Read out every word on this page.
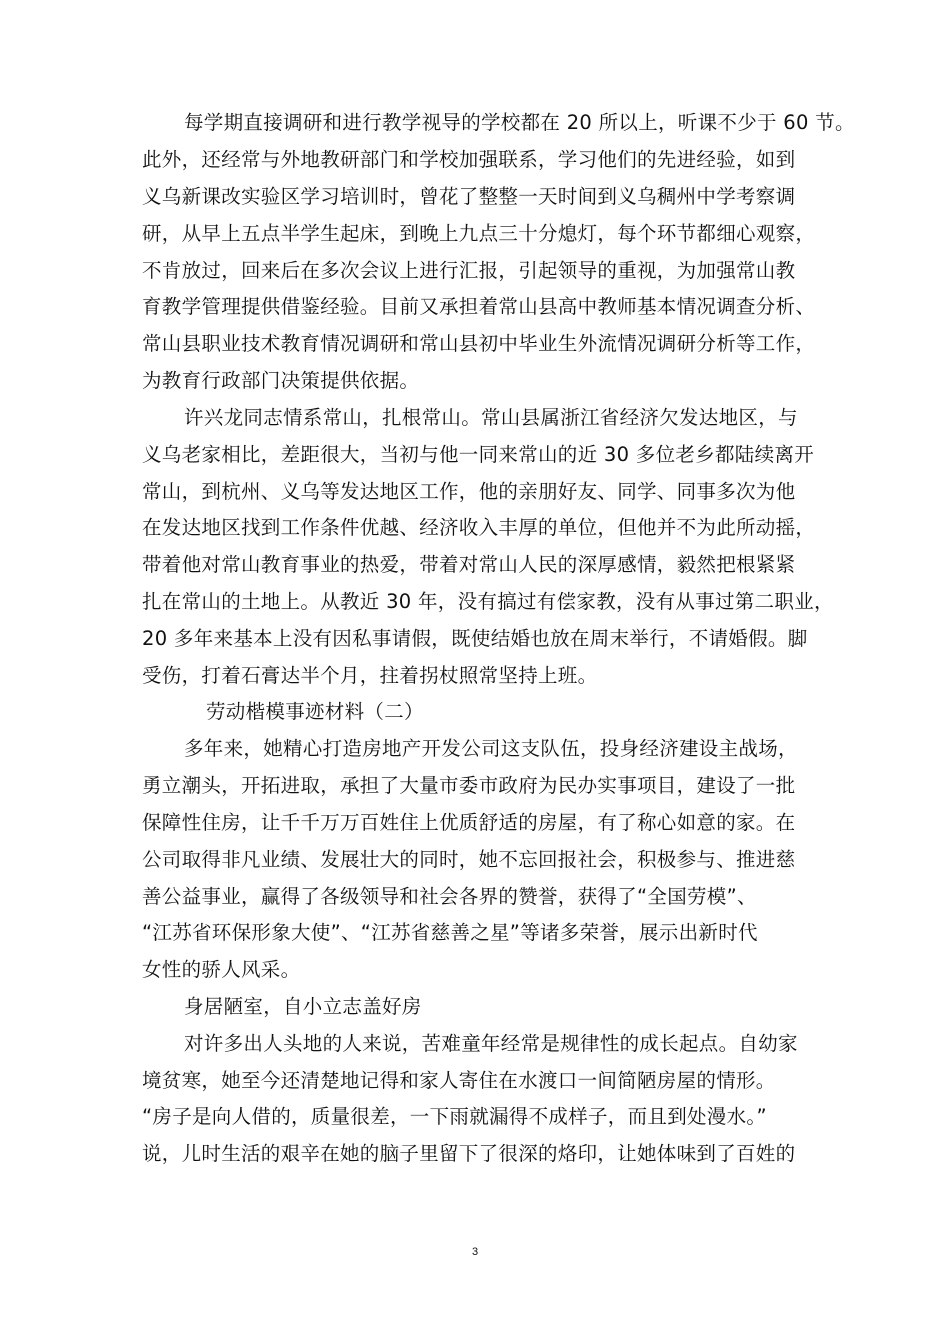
每学期直接调研和进行教学视导的学校都在 20 所以上，听课不少于 60 节。
此外，还经常与外地教研部门和学校加强联系，学习他们的先进经验，如到
义乌新课改实验区学习培训时，曾花了整整一天时间到义乌稠州中学考察调
研，从早上五点半学生起床，到晚上九点三十分熄灯，每个环节都细心观察，
不肯放过，回来后在多次会议上进行汇报，引起领导的重视，为加强常山教
育教学管理提供借鉴经验。目前又承担着常山县高中教师基本情况调查分析、
常山县职业技术教育情况调研和常山县初中毕业生外流情况调研分析等工作，
为教育行政部门决策提供依据。
许兴龙同志情系常山，扎根常山。常山县属浙江省经济欠发达地区，与
义乌老家相比，差距很大，当初与他一同来常山的近 30 多位老乡都陆续离开
常山，到杭州、义乌等发达地区工作，他的亲朋好友、同学、同事多次为他
在发达地区找到工作条件优越、经济收入丰厚的单位，但他并不为此所动摇，
带着他对常山教育事业的热爱，带着对常山人民的深厚感情，毅然把根紧紧
扎在常山的土地上。从教近 30 年，没有搞过有偿家教，没有从事过第二职业，
20 多年来基本上没有因私事请假，既使结婚也放在周末举行，不请婚假。脚
受伤，打着石膏达半个月，拄着拐杖照常坚持上班。
劳动楷模事迹材料（二）
多年来，她精心打造房地产开发公司这支队伍，投身经济建设主战场，
勇立潮头，开拓进取，承担了大量市委市政府为民办实事项目，建设了一批
保障性住房，让千千万万百姓住上优质舒适的房屋，有了称心如意的家。在
公司取得非凡业绩、发展壮大的同时，她不忘回报社会，积极参与、推进慈
善公益事业，赢得了各级领导和社会各界的赞誉，获得了“全国劳模”、
“江苏省环保形象大使”、“江苏省慈善之星”等诸多荣誉，展示出新时代
女性的骄人风采。
身居陋室，自小立志盖好房
对许多出人头地的人来说，苦难童年经常是规律性的成长起点。自幼家
境贫寒，她至今还清楚地记得和家人寄住在水渡口一间简陋房屋的情形。
“房子是向人借的，质量很差，一下雨就漏得不成样子，而且到处漫水。”
说，儿时生活的艰辛在她的脑子里留下了很深的烙印，让她体味到了百姓的
3
